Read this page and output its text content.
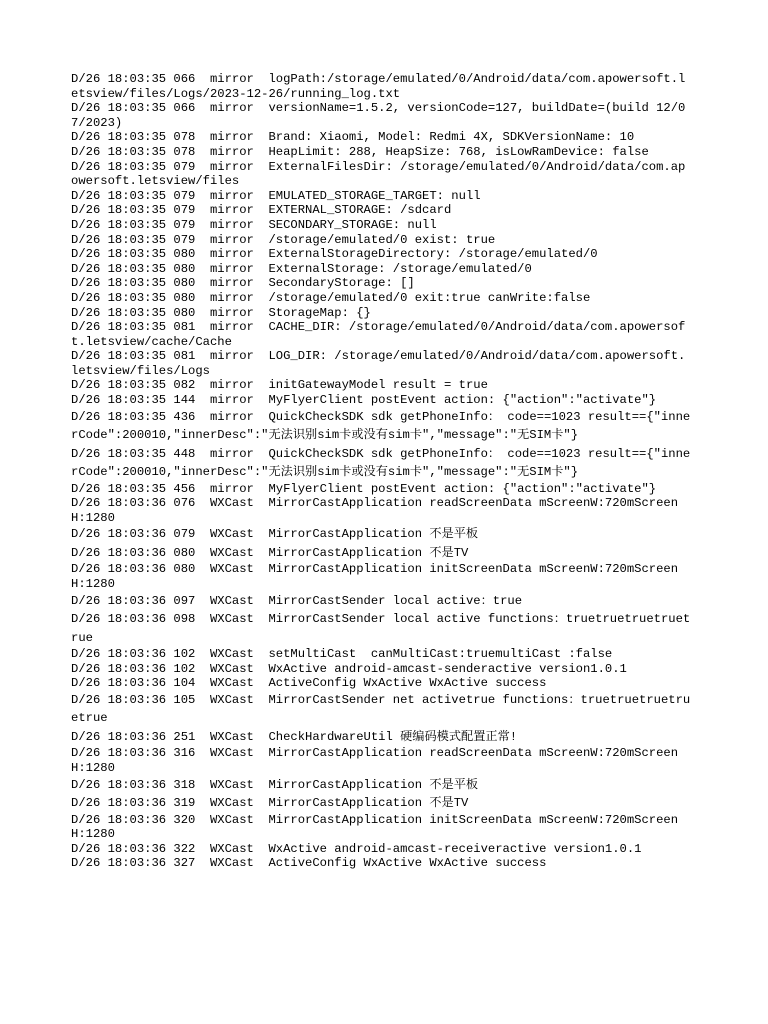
D/26 18:03:35 066  mirror  logPath:/storage/emulated/0/Android/data/com.apowersoft.letsview/files/Logs/2023-12-26/running_log.txt
D/26 18:03:35 066  mirror  versionName=1.5.2, versionCode=127, buildDate=(build 12/07/2023)
D/26 18:03:35 078  mirror  Brand: Xiaomi, Model: Redmi 4X, SDKVersionName: 10
D/26 18:03:35 078  mirror  HeapLimit: 288, HeapSize: 768, isLowRamDevice: false
D/26 18:03:35 079  mirror  ExternalFilesDir: /storage/emulated/0/Android/data/com.apowersoft.letsview/files
D/26 18:03:35 079  mirror  EMULATED_STORAGE_TARGET: null
D/26 18:03:35 079  mirror  EXTERNAL_STORAGE: /sdcard
D/26 18:03:35 079  mirror  SECONDARY_STORAGE: null
D/26 18:03:35 079  mirror  /storage/emulated/0 exist: true
D/26 18:03:35 080  mirror  ExternalStorageDirectory: /storage/emulated/0
D/26 18:03:35 080  mirror  ExternalStorage: /storage/emulated/0
D/26 18:03:35 080  mirror  SecondaryStorage: []
D/26 18:03:35 080  mirror  /storage/emulated/0 exit:true canWrite:false
D/26 18:03:35 080  mirror  StorageMap: {}
D/26 18:03:35 081  mirror  CACHE_DIR: /storage/emulated/0/Android/data/com.apowersoft.letsview/cache/Cache
D/26 18:03:35 081  mirror  LOG_DIR: /storage/emulated/0/Android/data/com.apowersoft.letsview/files/Logs
D/26 18:03:35 082  mirror  initGatewayModel result = true
D/26 18:03:35 144  mirror  MyFlyerClient postEvent action: {"action":"activate"}
D/26 18:03:35 436  mirror  QuickCheckSDK sdk getPhoneInfo： code==1023 result=={"innerCode":200010,"innerDesc":"无法识别sim卡或没有sim卡","message":"无SIM卡"}
D/26 18:03:35 448  mirror  QuickCheckSDK sdk getPhoneInfo： code==1023 result=={"innerCode":200010,"innerDesc":"无法识别sim卡或没有sim卡","message":"无SIM卡"}
D/26 18:03:35 456  mirror  MyFlyerClient postEvent action: {"action":"activate"}
D/26 18:03:36 076  WXCast  MirrorCastApplication readScreenData mScreenW:720mScreenH:1280
D/26 18:03:36 079  WXCast  MirrorCastApplication 不是平板
D/26 18:03:36 080  WXCast  MirrorCastApplication 不是TV
D/26 18:03:36 080  WXCast  MirrorCastApplication initScreenData mScreenW:720mScreenH:1280
D/26 18:03:36 097  WXCast  MirrorCastSender local active：true
D/26 18:03:36 098  WXCast  MirrorCastSender local active functions：truetruetruetruetrue
D/26 18:03:36 102  WXCast  setMultiCast  canMultiCast:truemultiCast :false
D/26 18:03:36 102  WXCast  WxActive android-amcast-senderactive version1.0.1
D/26 18:03:36 104  WXCast  ActiveConfig WxActive WxActive success
D/26 18:03:36 105  WXCast  MirrorCastSender net activetrue functions：truetruetruetruetrue
D/26 18:03:36 251  WXCast  CheckHardwareUtil 硬编码模式配置正常!
D/26 18:03:36 316  WXCast  MirrorCastApplication readScreenData mScreenW:720mScreenH:1280
D/26 18:03:36 318  WXCast  MirrorCastApplication 不是平板
D/26 18:03:36 319  WXCast  MirrorCastApplication 不是TV
D/26 18:03:36 320  WXCast  MirrorCastApplication initScreenData mScreenW:720mScreenH:1280
D/26 18:03:36 322  WXCast  WxActive android-amcast-receiveractive version1.0.1
D/26 18:03:36 327  WXCast  ActiveConfig WxActive WxActive success
